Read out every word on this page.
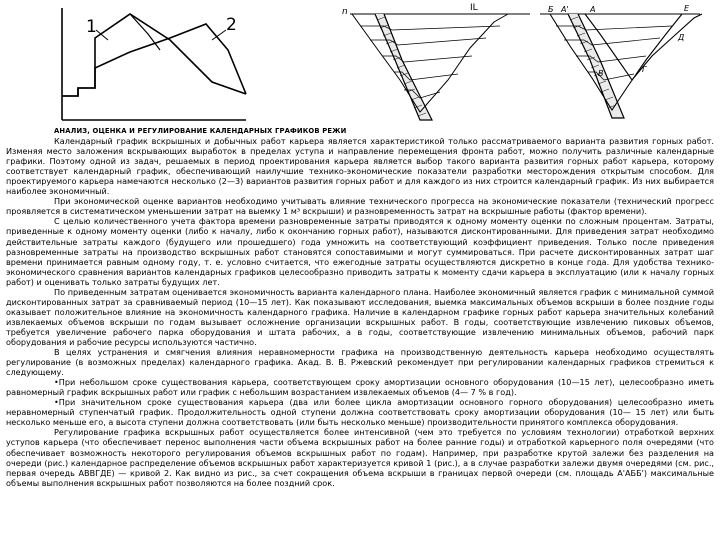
1	2
n	IL	Б А'	А	Е
Д
В	Г
АНАЛИЗ, ОЦЕНКА И РЕГУЛИРОВАНИЕ КАЛЕНДАРНЫХ ГРАФИКОВ РЕЖИ
Календарный график вскрышных и добычных работ карьера является характеристикой только рассматриваемого варианта развития горных работ. Изменяя место заложения вскрывающих выработок в пределах уступа и направление перемещения фронта работ, можно получить различные календарные графики. Поэтому одной из задач, решаемых в период проектирования карьера является выбор такого варианта развития горных работ карьера, которому соответствует календарный график, обеспечивающий наилучшие технико-экономические показатели разработки месторождения открытым способом. Для проектируемого карьера намечаются несколько (2—3) вариантов развития горных работ и для каждого из них строится календарный график. Из них выбирается наиболее экономичный.
При экономической оценке вариантов необходимо учитывать влияние технического прогресса на экономические показатели (технический прогресс проявляется в систематическом уменьшении затрат на выемку 1 м³ вскрыши) и разновременность затрат на вскрышные работы (фактор времени).
С целью количественного учета фактора времени разновременные затраты приводятся к одному моменту оценки по сложным процентам. Затраты, приведенные к одному моменту оценки (либо к началу, либо к окончанию горных работ), называются дисконтированными. Для приведения затрат необходимо действительные затраты каждого (будущего или прошедшего) года умножить на соответствующий коэффициент приведения. Только после приведения разновременные затраты на производство вскрышных работ становятся сопоставимыми и могут суммироваться. При расчете дисконтированных затрат шаг времени принимается равным одному году, т. е. условно считается, что ежегодные затраты осуществляются дискретно в конце года. Для удобства технико-экономического сравнения вариантов календарных графиков целесообразно приводить затраты к моменту сдачи карьера в эксплуатацию (или к началу горных работ) и оценивать только затраты будущих лет.
По приведенным затратам оценивается экономичность варианта календарного плана. Наиболее экономичный является график с минимальной суммой дисконтированных затрат за сравниваемый период (10—15 лет). Как показывают исследования, выемка максимальных объемов вскрыши в более поздние годы оказывает положительное влияние на экономичность календарного графика. Наличие в календарном графике горных работ карьера значительных колебаний извлекаемых объемов вскрыши по годам вызывает осложнение организации вскрышных работ. В годы, соответствующие извлечению пиковых объемов, требуется увеличение рабочего парка оборудования и штата рабочих, а в годы, соответствующие извлечению минимальных объемов, рабочий парк оборудования и рабочие ресурсы используются частично.
В целях устранения и смягчения влияния неравномерности графика на производственную деятельность карьера необходимо осуществлять регулирование (в возможных пределах) календарного графика. Акад. В. В. Ржевский рекомендует при регулировании календарных графиков стремиться к следующему.
•При небольшом сроке существования карьера, соответствующем сроку амортизации основного оборудования (10—15 лет), целесообразно иметь равномерный график вскрышных работ или график с небольшим возрастанием извлекаемых объемов (4— 7 % в год).
•При значительном сроке существования карьера (два или более цикла амортизации основного горного оборудования) целесообразно иметь неравномерный ступенчатый график. Продолжительность одной ступени должна соответствовать сроку амортизации оборудования (10— 15 лет) или быть несколько меньше его, а высота ступени должна соответствовать (или быть несколько меньше) производительности принятого комплекса оборудования.
Регулирование графика вскрышных работ осуществляется более интенсивной (чем это требуется по условиям технологии) отработкой верхних уступов карьера (что обеспечивает перенос выполнения части объема вскрышных работ на более ранние годы) и отработкой карьерного поля очередями (что обеспечивает возможность некоторого регулирования объемов вскрышных работ по годам). Например, при разработке крутой залежи без разделения на очереди (рис.) календарное распределение объемов вскрышных работ характеризуется кривой 1 (рис.), а в случае разработки залежи двумя очередями (см. рис., первая очередь АВВГДЕ) — кривой 2. Как видно из рис., за счет сокращения объема вскрыши в границах первой очереди (см. площадь А'АББ') максимальные объемы выполнения вскрышных работ позволяются на более поздний срок.
